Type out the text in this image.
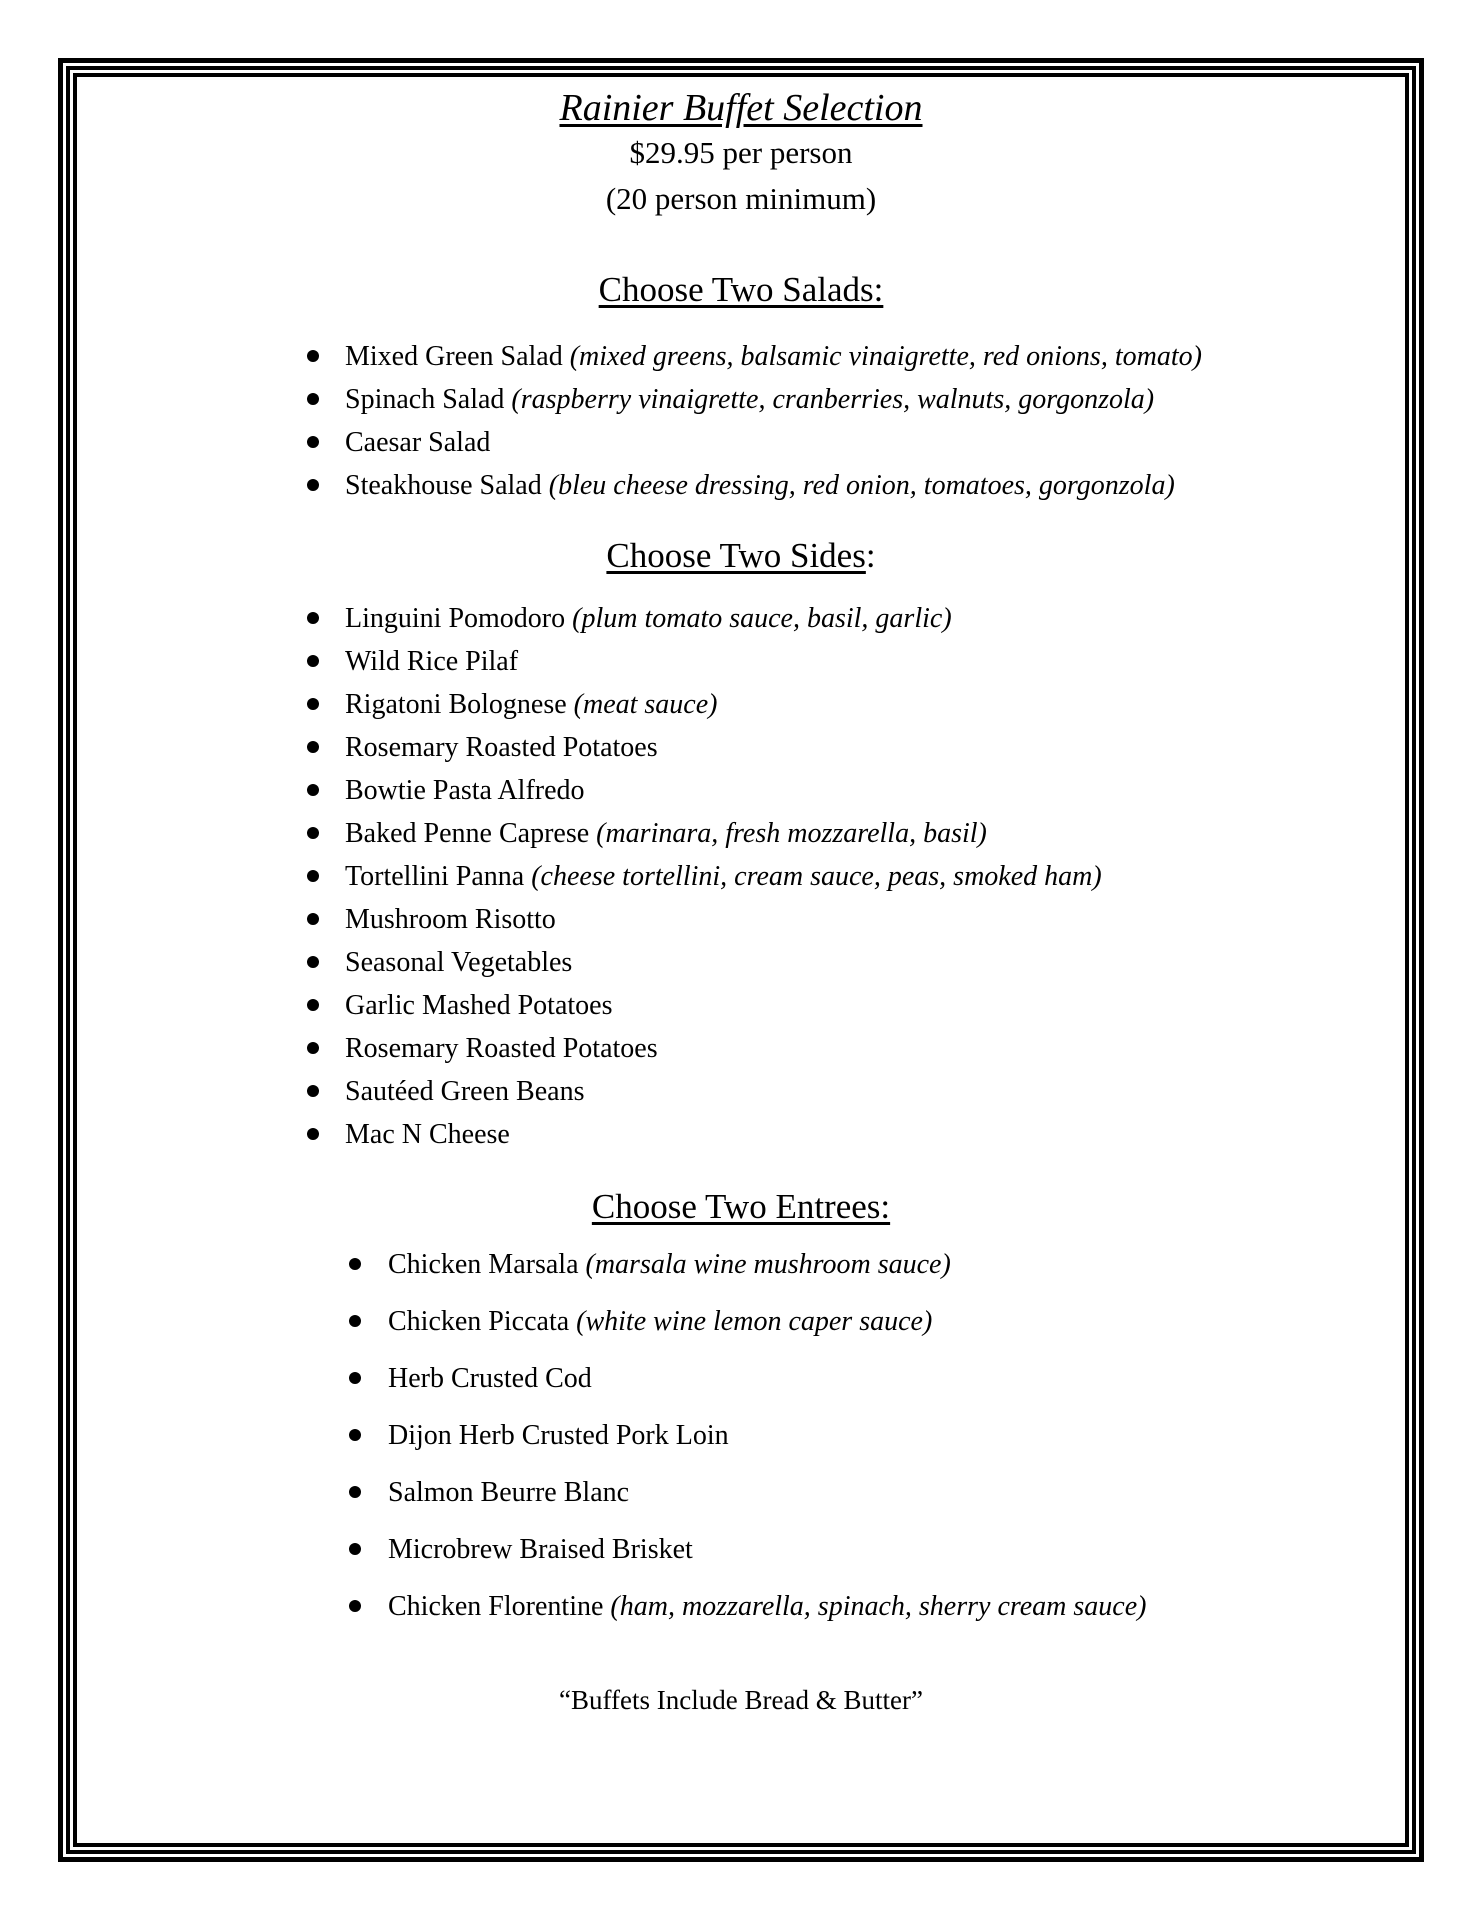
Rainier Buffet Selection

$29.95 per person

(20 person minimum)

Choose Two Salads:
Mixed Green Salad (mixed greens, balsamic vinaigrette, red onions, tomato)
Spinach Salad (raspberry vinaigrette, cranberries, walnuts, gorgonzola)
Caesar Salad
Steakhouse Salad (bleu cheese dressing, red onion, tomatoes, gorgonzola)
Choose Two Sides:
Linguini Pomodoro (plum tomato sauce, basil, garlic)
Wild Rice Pilaf
Rigatoni Bolognese (meat sauce)
Rosemary Roasted Potatoes
Bowtie Pasta Alfredo
Baked Penne Caprese (marinara, fresh mozzarella, basil)
Tortellini Panna (cheese tortellini, cream sauce, peas, smoked ham)
Mushroom Risotto
Seasonal Vegetables
Garlic Mashed Potatoes
Rosemary Roasted Potatoes
Sautéed Green Beans
Mac N Cheese
Choose Two Entrees:
Chicken Marsala (marsala wine mushroom sauce)
Chicken Piccata (white wine lemon caper sauce)
Herb Crusted Cod
Dijon Herb Crusted Pork Loin
Salmon Beurre Blanc
Microbrew Braised Brisket
Chicken Florentine (ham, mozzarella, spinach, sherry cream sauce)

“Buffets Include Bread & Butter”
